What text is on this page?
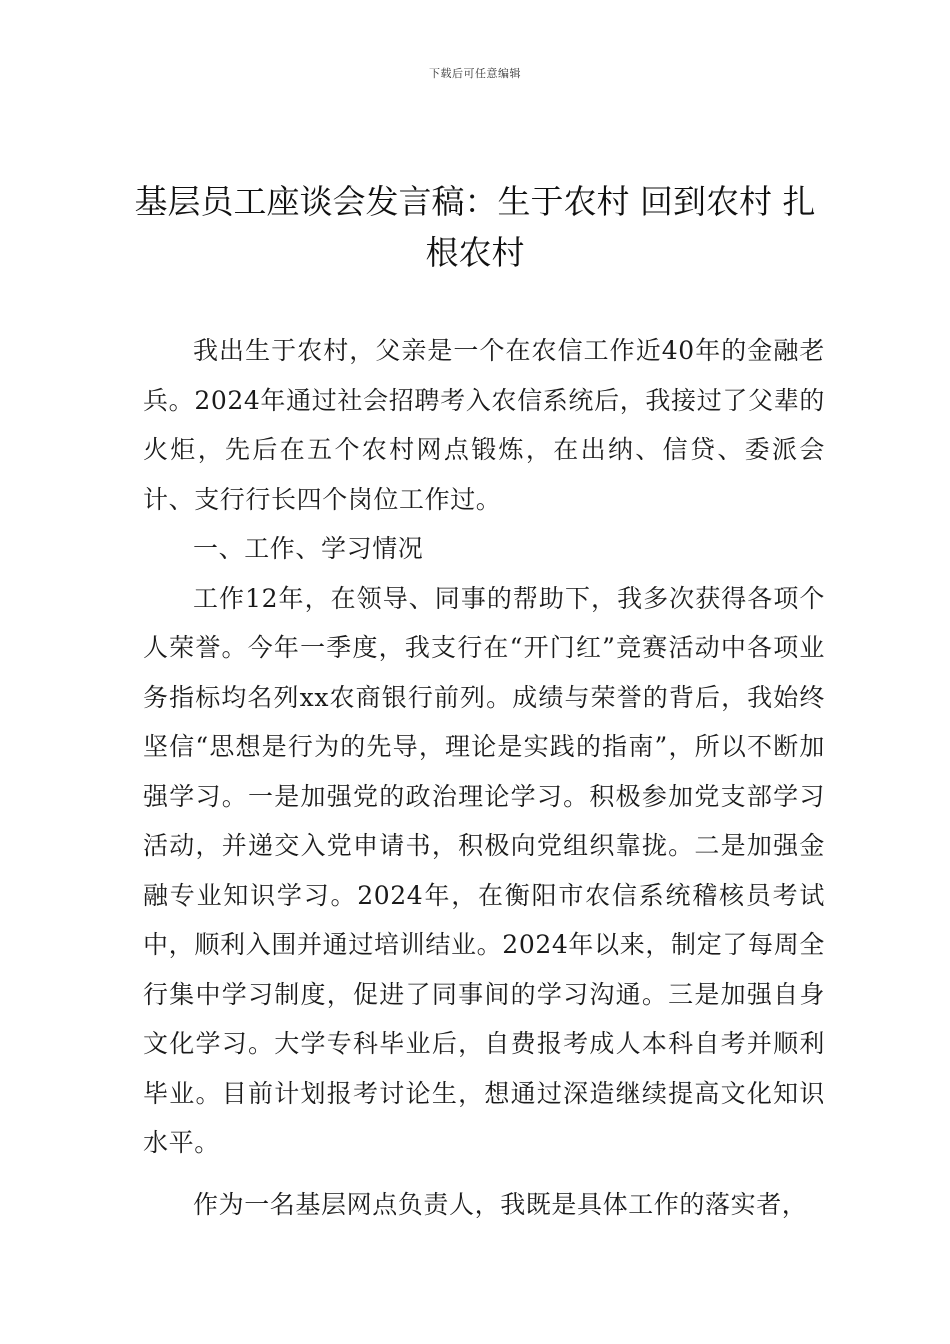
下载后可任意编辑
基层员工座谈会发言稿：生于农村 回到农村 扎根农村

我出生于农村，父亲是一个在农信工作近40年的金融老兵。2024年通过社会招聘考入农信系统后，我接过了父辈的火炬，先后在五个农村网点锻炼，在出纳、信贷、委派会计、支行行长四个岗位工作过。

一、工作、学习情况

工作12年，在领导、同事的帮助下，我多次获得各项个人荣誉。今年一季度，我支行在“开门红”竞赛活动中各项业务指标均名列xx农商银行前列。成绩与荣誉的背后，我始终坚信“思想是行为的先导，理论是实践的指南”，所以不断加强学习。一是加强党的政治理论学习。积极参加党支部学习活动，并递交入党申请书，积极向党组织靠拢。二是加强金融专业知识学习。2024年，在衡阳市农信系统稽核员考试中，顺利入围并通过培训结业。2024年以来，制定了每周全行集中学习制度，促进了同事间的学习沟通。三是加强自身文化学习。大学专科毕业后，自费报考成人本科自考并顺利毕业。目前计划报考讨论生，想通过深造继续提高文化知识水平。

作为一名基层网点负责人，我既是具体工作的落实者，
